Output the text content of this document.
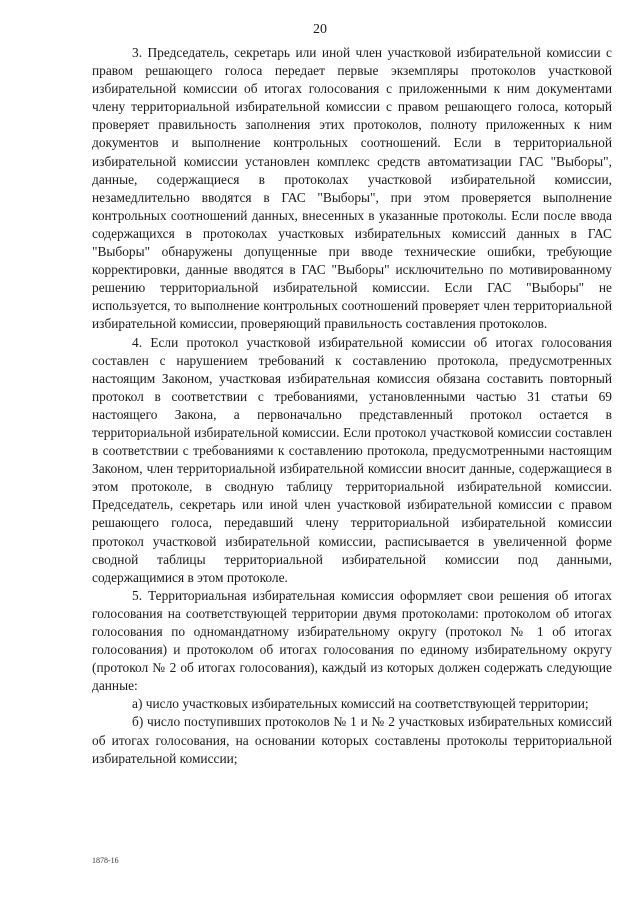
20

3. Председатель, секретарь или иной член участковой избирательной комиссии с правом решающего голоса передает первые экземпляры протоколов участковой избирательной комиссии об итогах голосования с приложенными к ним документами члену территориальной избирательной комиссии с правом решающего голоса, который проверяет правильность заполнения этих протоколов, полноту приложенных к ним документов и выполнение контрольных соотношений. Если в территориальной избирательной комиссии установлен комплекс средств автоматизации ГАС "Выборы", данные, содержащиеся в протоколах участковой избирательной комиссии, незамедлительно вводятся в ГАС "Выборы", при этом проверяется выполнение контрольных соотношений данных, внесенных в указанные протоколы. Если после ввода содержащихся в протоколах участковых избирательных комиссий данных в ГАС "Выборы" обнаружены допущенные при вводе технические ошибки, требующие корректировки, данные вводятся в ГАС "Выборы" исключительно по мотивированному решению территориальной избирательной комиссии. Если ГАС "Выборы" не используется, то выполнение контрольных соотношений проверяет член территориальной избирательной комиссии, проверяющий правильность составления протоколов.

4. Если протокол участковой избирательной комиссии об итогах голосования составлен с нарушением требований к составлению протокола, предусмотренных настоящим Законом, участковая избирательная комиссия обязана составить повторный протокол в соответствии с требованиями, установленными частью 31 статьи 69 настоящего Закона, а первоначально представленный протокол остается в территориальной избирательной комиссии. Если протокол участковой комиссии составлен в соответствии с требованиями к составлению протокола, предусмотренными настоящим Законом, член территориальной избирательной комиссии вносит данные, содержащиеся в этом протоколе, в сводную таблицу территориальной избирательной комиссии. Председатель, секретарь или иной член участковой избирательной комиссии с правом решающего голоса, передавший члену территориальной избирательной комиссии протокол участковой избирательной комиссии, расписывается в увеличенной форме сводной таблицы территориальной избирательной комиссии под данными, содержащимися в этом протоколе.

5. Территориальная избирательная комиссия оформляет свои решения об итогах голосования на соответствующей территории двумя протоколами: протоколом об итогах голосования по одномандатному избирательному округу (протокол № 1 об итогах голосования) и протоколом об итогах голосования по единому избирательному округу (протокол № 2 об итогах голосования), каждый из которых должен содержать следующие данные:

а) число участковых избирательных комиссий на соответствующей территории;

б) число поступивших протоколов № 1 и № 2 участковых избирательных комиссий об итогах голосования, на основании которых составлены протоколы территориальной избирательной комиссии;

1878-16
